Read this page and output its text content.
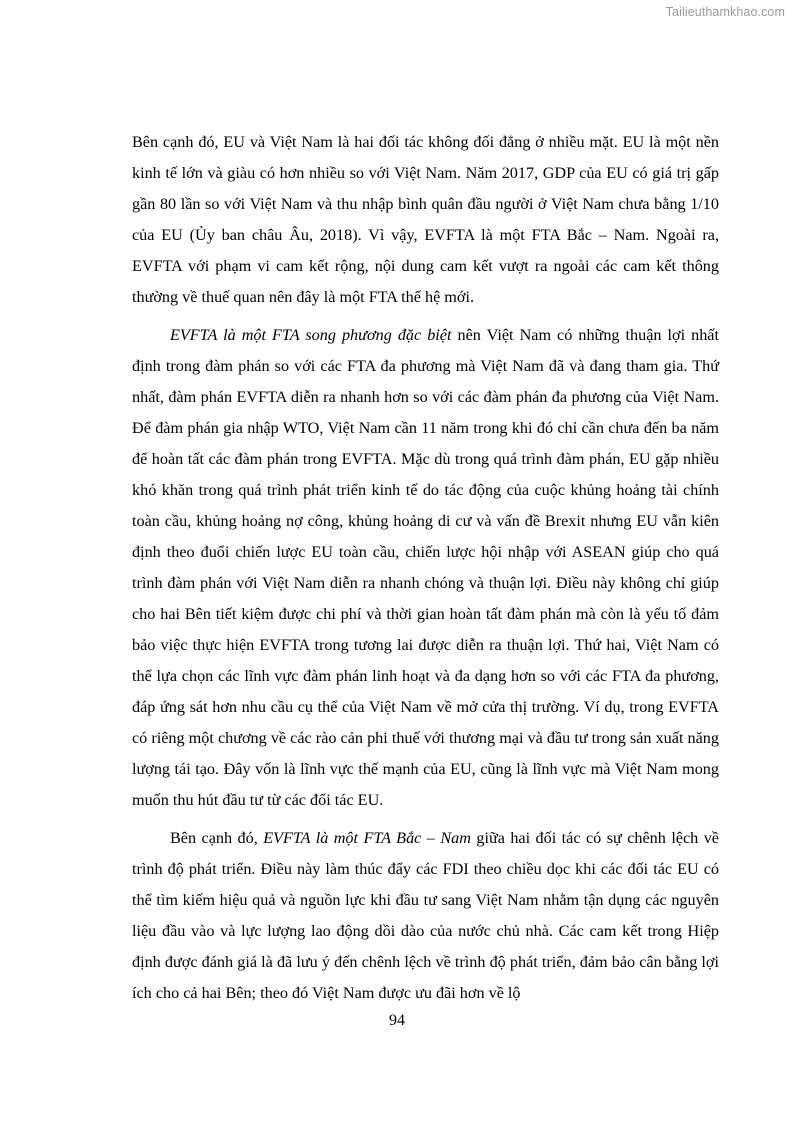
Tailieuthamkhao.com

Bên cạnh đó, EU và Việt Nam là hai đối tác không đối đẳng ở nhiều mặt. EU là một nền kinh tế lớn và giàu có hơn nhiều so với Việt Nam. Năm 2017, GDP của EU có giá trị gấp gần 80 lần so với Việt Nam và thu nhập bình quân đầu người ở Việt Nam chưa bằng 1/10 của EU (Ủy ban châu Âu, 2018). Vì vậy, EVFTA là một FTA Bắc – Nam. Ngoài ra, EVFTA với phạm vi cam kết rộng, nội dung cam kết vượt ra ngoài các cam kết thông thường về thuế quan nên đây là một FTA thế hệ mới.

EVFTA là một FTA song phương đặc biệt nên Việt Nam có những thuận lợi nhất định trong đàm phán so với các FTA đa phương mà Việt Nam đã và đang tham gia. Thứ nhất, đàm phán EVFTA diễn ra nhanh hơn so với các đàm phán đa phương của Việt Nam. Để đàm phán gia nhập WTO, Việt Nam cần 11 năm trong khi đó chỉ cần chưa đến ba năm để hoàn tất các đàm phán trong EVFTA. Mặc dù trong quá trình đàm phán, EU gặp nhiều khó khăn trong quá trình phát triển kinh tế do tác động của cuộc khủng hoảng tài chính toàn cầu, khủng hoảng nợ công, khủng hoảng di cư và vấn đề Brexit nhưng EU vẫn kiên định theo đuổi chiến lược EU toàn cầu, chiến lược hội nhập với ASEAN giúp cho quá trình đàm phán với Việt Nam diễn ra nhanh chóng và thuận lợi. Điều này không chỉ giúp cho hai Bên tiết kiệm được chi phí và thời gian hoàn tất đàm phán mà còn là yếu tố đảm bảo việc thực hiện EVFTA trong tương lai được diễn ra thuận lợi. Thứ hai, Việt Nam có thể lựa chọn các lĩnh vực đàm phán linh hoạt và đa dạng hơn so với các FTA đa phương, đáp ứng sát hơn nhu cầu cụ thể của Việt Nam về mở cửa thị trường. Ví dụ, trong EVFTA có riêng một chương về các rào cản phi thuế với thương mại và đầu tư trong sản xuất năng lượng tái tạo. Đây vốn là lĩnh vực thế mạnh của EU, cũng là lĩnh vực mà Việt Nam mong muốn thu hút đầu tư từ các đối tác EU.

Bên cạnh đó, EVFTA là một FTA Bắc – Nam giữa hai đối tác có sự chênh lệch về trình độ phát triển. Điều này làm thúc đẩy các FDI theo chiều dọc khi các đối tác EU có thể tìm kiếm hiệu quả và nguồn lực khi đầu tư sang Việt Nam nhằm tận dụng các nguyên liệu đầu vào và lực lượng lao động dồi dào của nước chủ nhà. Các cam kết trong Hiệp định được đánh giá là đã lưu ý đến chênh lệch về trình độ phát triển, đảm bảo cân bằng lợi ích cho cả hai Bên; theo đó Việt Nam được ưu đãi hơn về lộ

94
